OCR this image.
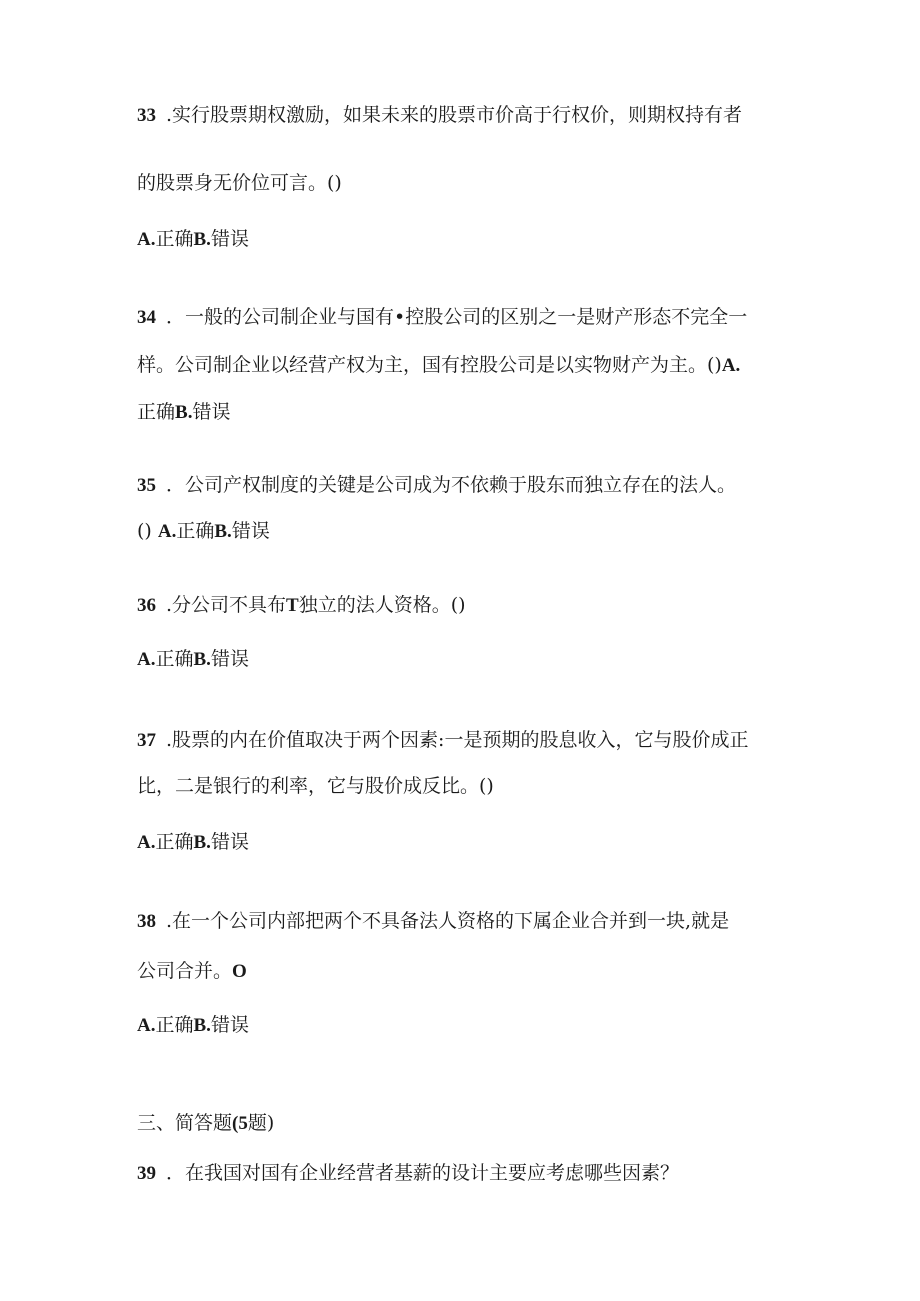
33 .实行股票期权激励，如果未来的股票市价高于行权价，则期权持有者
的股票身无价位可言。()
A.正确B.错误
34 ．一般的公司制企业与国有•控股公司的区别之一是财产形态不完全一
样。公司制企业以经营产权为主，国有控股公司是以实物财产为主。()A.
正确B.错误
35 ．公司产权制度的关键是公司成为不依赖于股东而独立存在的法人。
() A.正确B.错误
36 .分公司不具布T独立的法人资格。()
A.正确B.错误
37 .股票的内在价值取决于两个因素:一是预期的股息收入，它与股价成正
比，二是银行的利率，它与股价成反比。()
A.正确B.错误
38 .在一个公司内部把两个不具备法人资格的下属企业合并到一块,就是
公司合并。O
A.正确B.错误
三、简答题(5题)
39 ．在我国对国有企业经营者基薪的设计主要应考虑哪些因素？
